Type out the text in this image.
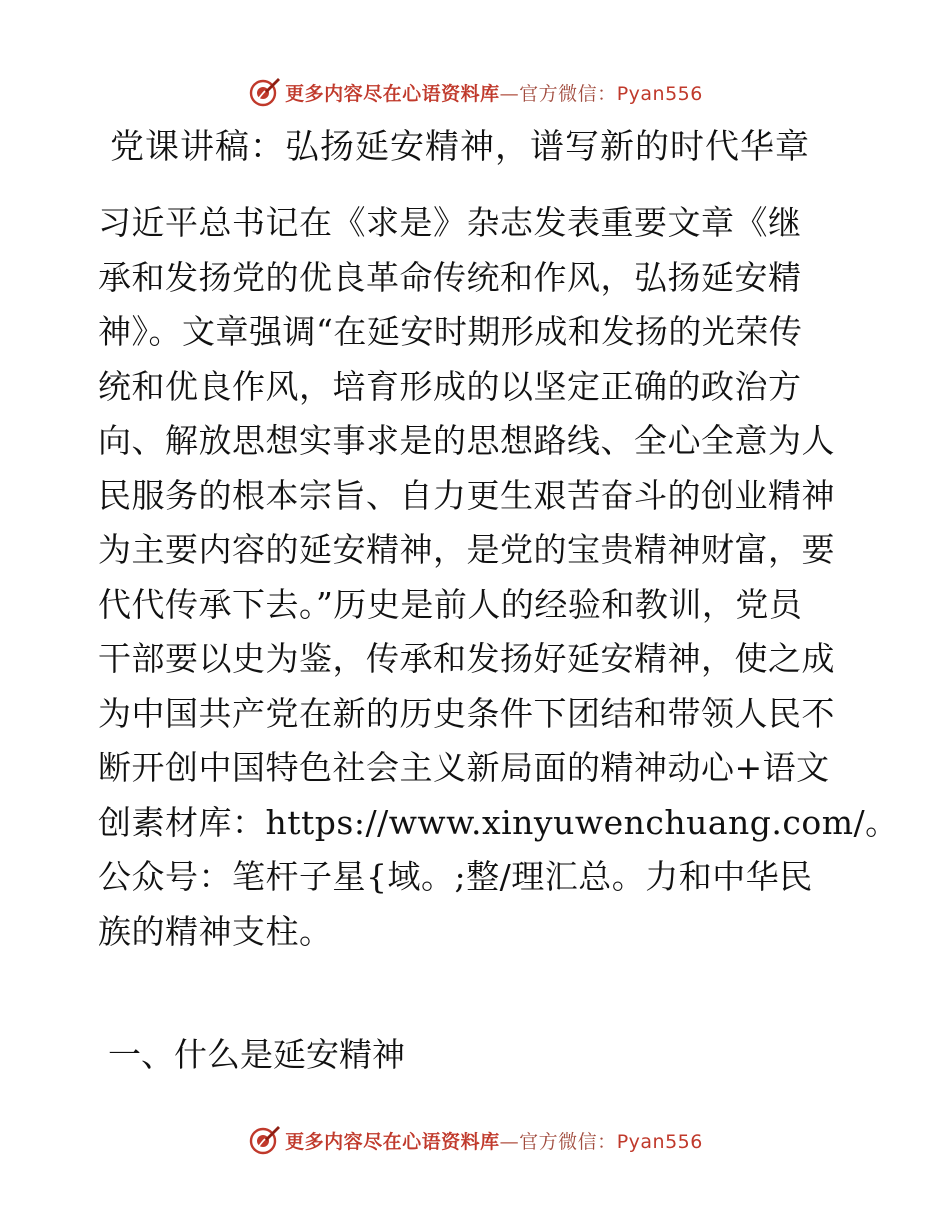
更多内容尽在心语资料库—官方微信：Pyan556
党课讲稿：弘扬延安精神，谱写新的时代华章
习近平总书记在《求是》杂志发表重要文章《继
承和发扬党的优良革命传统和作风，弘扬延安精
神》。文章强调“在延安时期形成和发扬的光荣传
统和优良作风，培育形成的以坚定正确的政治方
向、解放思想实事求是的思想路线、全心全意为人
民服务的根本宗旨、自力更生艰苦奋斗的创业精神
为主要内容的延安精神，是党的宝贵精神财富，要
代代传承下去。”历史是前人的经验和教训，党员
干部要以史为鉴，传承和发扬好延安精神，使之成
为中国共产党在新的历史条件下团结和带领人民不
断开创中国特色社会主义新局面的精神动心+语文
创素材库：https://www.xinyuwenchuang.com/。
公众号：笔杆子星{域。;整/理汇总。力和中华民
族的精神支柱。
一、什么是延安精神
更多内容尽在心语资料库—官方微信：Pyan556
